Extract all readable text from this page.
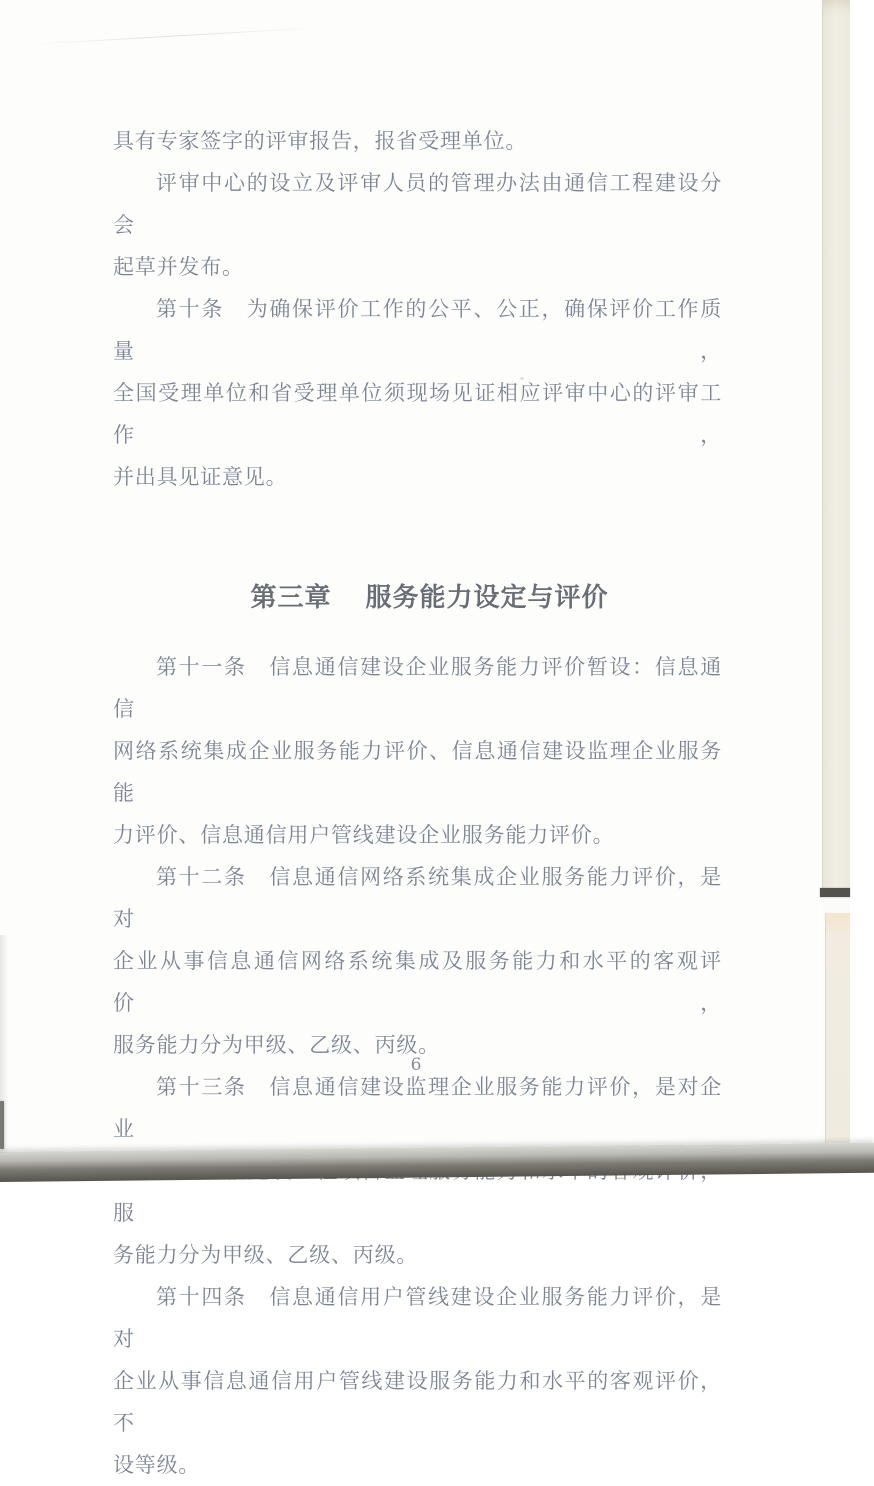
具有专家签字的评审报告，报省受理单位。

评审中心的设立及评审人员的管理办法由通信工程建设分会

起草并发布。

第十条　为确保评价工作的公平、公正，确保评价工作质量，

全国受理单位和省受理单位须现场见证相应评审中心的评审工作，

并出具见证意见。

第三章 服务能力设定与评价

第十一条　信息通信建设企业服务能力评价暂设：信息通信

网络系统集成企业服务能力评价、信息通信建设监理企业服务能

力评价、信息通信用户管线建设企业服务能力评价。

第十二条　信息通信网络系统集成企业服务能力评价，是对

企业从事信息通信网络系统集成及服务能力和水平的客观评价，

服务能力分为甲级、乙级、丙级。

第十三条　信息通信建设监理企业服务能力评价，是对企业

服

务能力分为甲级、乙级、丙级。

第十四条　信息通信用户管线建设企业服务能力评价，是对

企业从事信息通信用户管线建设服务能力和水平的客观评价，不

设等级。

6
